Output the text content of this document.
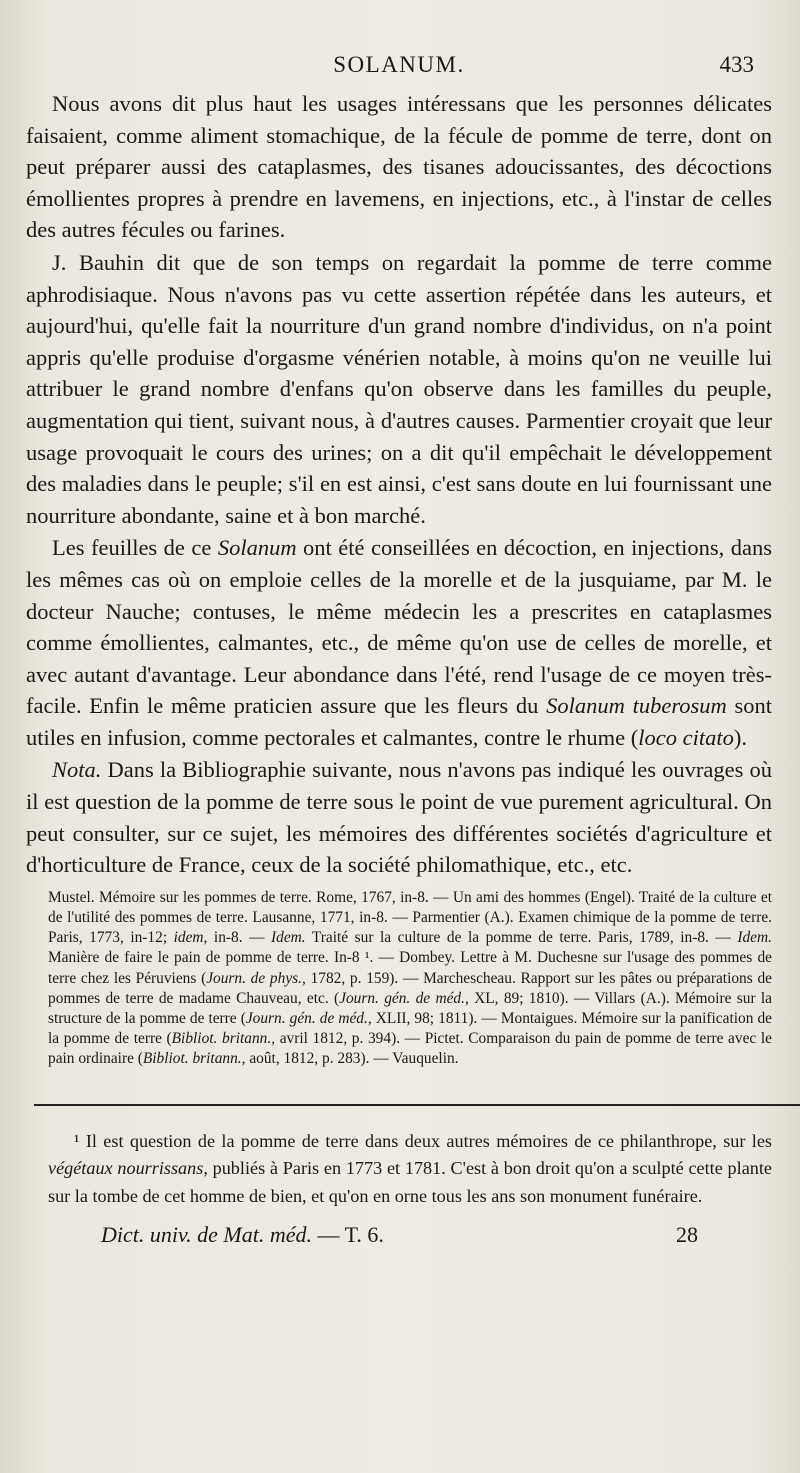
SOLANUM.	433

Nous avons dit plus haut les usages intéressans que les personnes délicates faisaient, comme aliment stomachique, de la fécule de pomme de terre, dont on peut préparer aussi des cataplasmes, des tisanes adoucissantes, des décoctions émollientes propres à prendre en lavemens, en injections, etc., à l'instar de celles des autres fécules ou farines.

J. Bauhin dit que de son temps on regardait la pomme de terre comme aphrodisiaque. Nous n'avons pas vu cette assertion répétée dans les auteurs, et aujourd'hui, qu'elle fait la nourriture d'un grand nombre d'individus, on n'a point appris qu'elle produise d'orgasme vénérien notable, à moins qu'on ne veuille lui attribuer le grand nombre d'enfans qu'on observe dans les familles du peuple, augmentation qui tient, suivant nous, à d'autres causes. Parmentier croyait que leur usage provoquait le cours des urines; on a dit qu'il empêchait le développement des maladies dans le peuple; s'il en est ainsi, c'est sans doute en lui fournissant une nourriture abondante, saine et à bon marché.

Les feuilles de ce Solanum ont été conseillées en décoction, en injections, dans les mêmes cas où on emploie celles de la morelle et de la jusquiame, par M. le docteur Nauche; contuses, le même médecin les a prescrites en cataplasmes comme émollientes, calmantes, etc., de même qu'on use de celles de morelle, et avec autant d'avantage. Leur abondance dans l'été, rend l'usage de ce moyen très-facile. Enfin le même praticien assure que les fleurs du Solanum tuberosum sont utiles en infusion, comme pectorales et calmantes, contre le rhume (loco citato).

Nota. Dans la Bibliographie suivante, nous n'avons pas indiqué les ouvrages où il est question de la pomme de terre sous le point de vue purement agricultural. On peut consulter, sur ce sujet, les mémoires des différentes sociétés d'agriculture et d'horticulture de France, ceux de la société philomathique, etc., etc.

Mustel. Mémoire sur les pommes de terre. Rome, 1767, in-8. — Un ami des hommes (Engel). Traité de la culture et de l'utilité des pommes de terre. Lausanne, 1771, in-8. — Parmentier (A.). Examen chimique de la pomme de terre. Paris, 1773, in-12; idem, in-8. — Idem. Traité sur la culture de la pomme de terre. Paris, 1789, in-8. — Idem. Manière de faire le pain de pomme de terre. In-8 ¹. — Dombey. Lettre à M. Duchesne sur l'usage des pommes de terre chez les Péruviens (Journ. de phys., 1782, p. 159). — Marchescheau. Rapport sur les pâtes ou préparations de pommes de terre de madame Chauveau, etc. (Journ. gén. de méd., XL, 89; 1810). — Villars (A.). Mémoire sur la structure de la pomme de terre (Journ. gén. de méd., XLII, 98; 1811). — Montaigues. Mémoire sur la panification de la pomme de terre (Bibliot. britann., avril 1812, p. 394). — Pictet. Comparaison du pain de pomme de terre avec le pain ordinaire (Bibliot. britann., août, 1812, p. 283). — Vauquelin.
¹ Il est question de la pomme de terre dans deux autres mémoires de ce philanthrope, sur les végétaux nourrissans, publiés à Paris en 1773 et 1781. C'est à bon droit qu'on a sculpté cette plante sur la tombe de cet homme de bien, et qu'on en orne tous les ans son monument funéraire.
Dict. univ. de Mat. méd. — T. 6.	28
